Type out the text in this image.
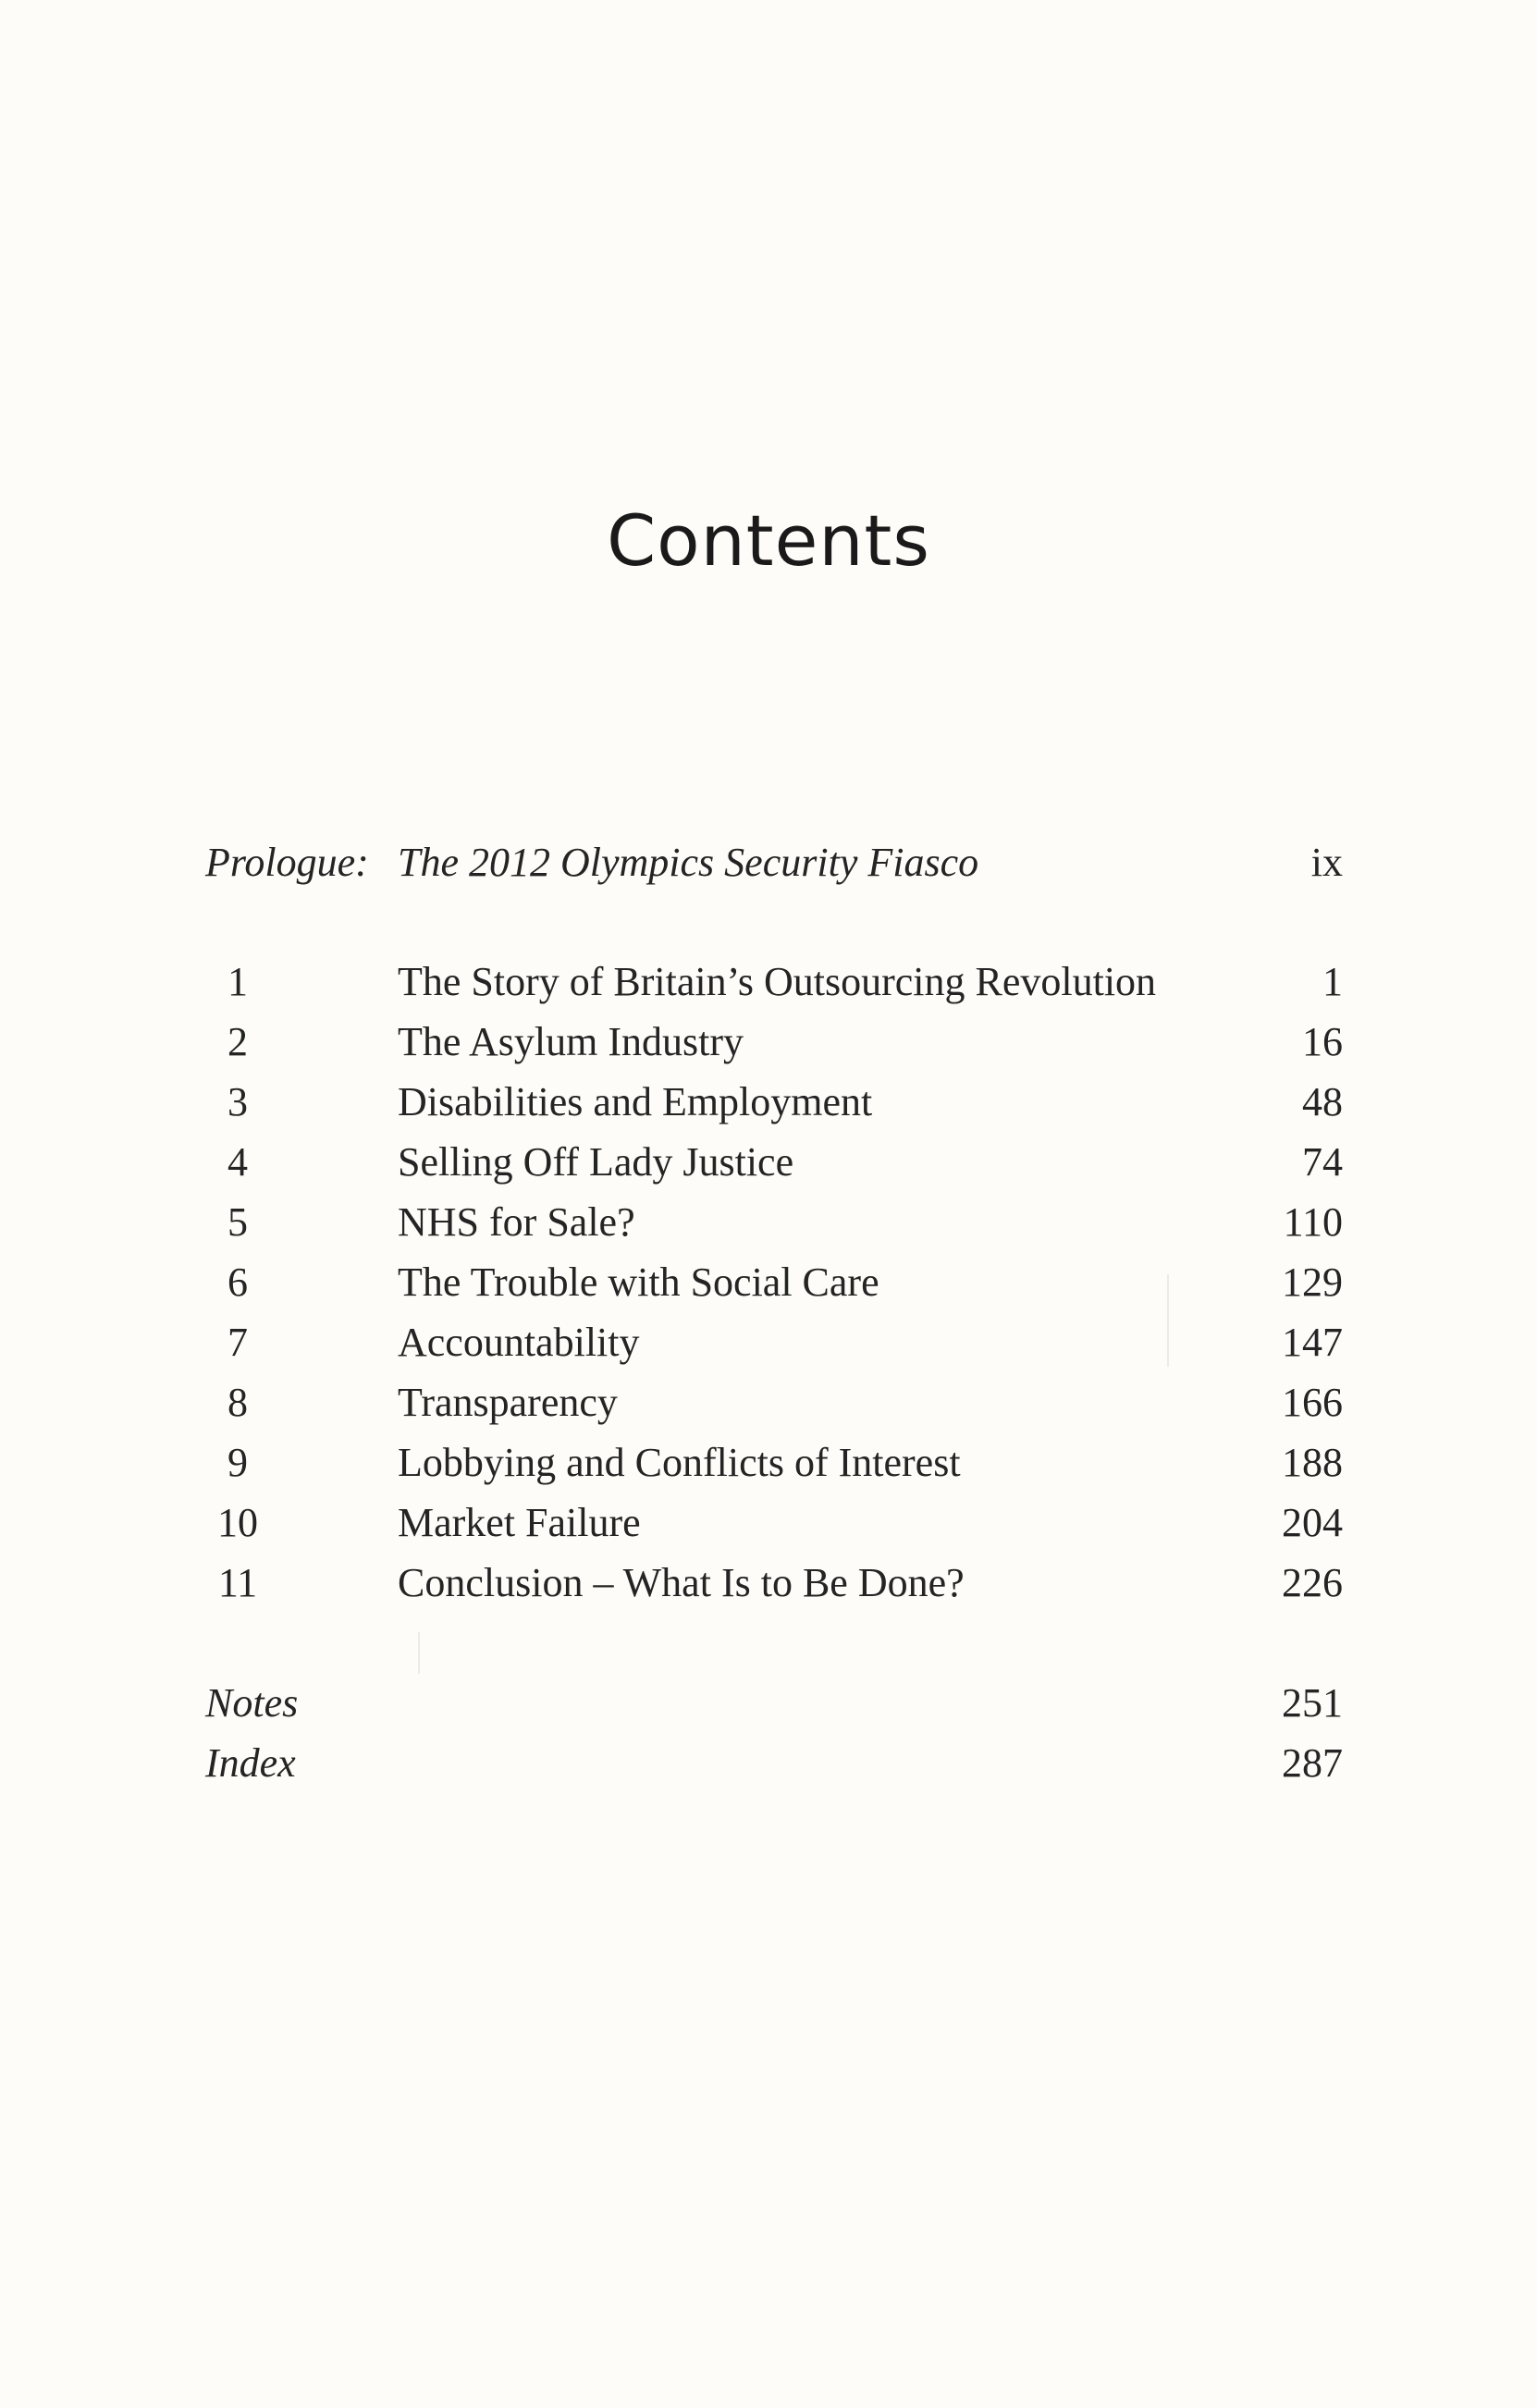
Contents
Prologue: The 2012 Olympics Security Fiasco	ix
1	The Story of Britain’s Outsourcing Revolution	1
2	The Asylum Industry	16
3	Disabilities and Employment	48
4	Selling Off Lady Justice	74
5	NHS for Sale?	110
6	The Trouble with Social Care	129
7	Accountability	147
8	Transparency	166
9	Lobbying and Conflicts of Interest	188
10	Market Failure	204
11	Conclusion – What Is to Be Done?	226
Notes	251
Index	287
